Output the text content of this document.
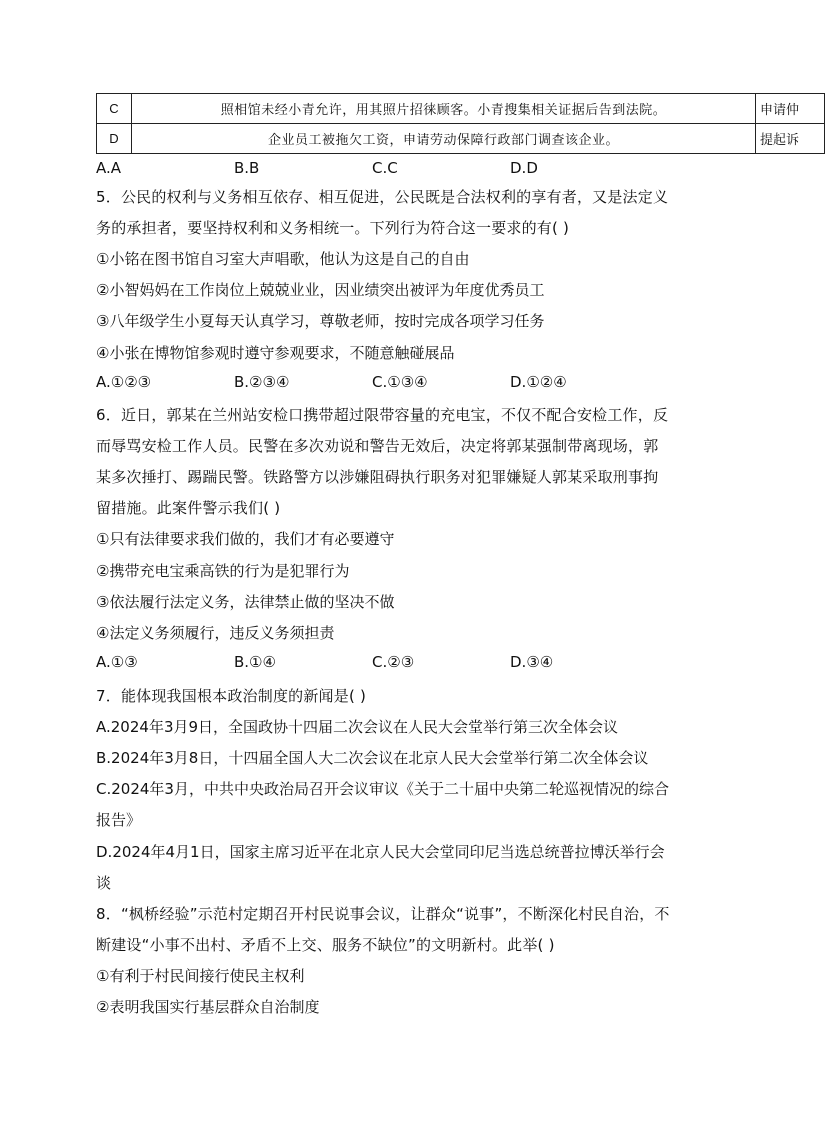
C	照相馆未经小青允许，用其照片招徕顾客。小青搜集相关证据后告到法院。	申请仲
D	企业员工被拖欠工资，申请劳动保障行政部门调查该企业。	提起诉
A.A	B.B	C.C	D.D
5．公民的权利与义务相互依存、相互促进，公民既是合法权利的享有者，又是法定义
务的承担者，要坚持权利和义务相统一。下列行为符合这一要求的有( )
①小铭在图书馆自习室大声唱歌，他认为这是自己的自由
②小智妈妈在工作岗位上兢兢业业，因业绩突出被评为年度优秀员工
③八年级学生小夏每天认真学习，尊敬老师，按时完成各项学习任务
④小张在博物馆参观时遵守参观要求，不随意触碰展品
A.①②③	B.②③④	C.①③④	D.①②④
6．近日，郭某在兰州站安检口携带超过限带容量的充电宝，不仅不配合安检工作，反
而辱骂安检工作人员。民警在多次劝说和警告无效后，决定将郭某强制带离现场，郭
某多次捶打、踢踹民警。铁路警方以涉嫌阻碍执行职务对犯罪嫌疑人郭某采取刑事拘
留措施。此案件警示我们( )
①只有法律要求我们做的，我们才有必要遵守
②携带充电宝乘高铁的行为是犯罪行为
③依法履行法定义务，法律禁止做的坚决不做
④法定义务须履行，违反义务须担责
A.①③	B.①④	C.②③	D.③④
7．能体现我国根本政治制度的新闻是( )
A.2024年3月9日，全国政协十四届二次会议在人民大会堂举行第三次全体会议
B.2024年3月8日，十四届全国人大二次会议在北京人民大会堂举行第二次全体会议
C.2024年3月，中共中央政治局召开会议审议《关于二十届中央第二轮巡视情况的综合
报告》
D.2024年4月1日，国家主席习近平在北京人民大会堂同印尼当选总统普拉博沃举行会
谈
8．“枫桥经验”示范村定期召开村民说事会议，让群众“说事”，不断深化村民自治，不
断建设“小事不出村、矛盾不上交、服务不缺位”的文明新村。此举( )
①有利于村民间接行使民主权利
②表明我国实行基层群众自治制度
